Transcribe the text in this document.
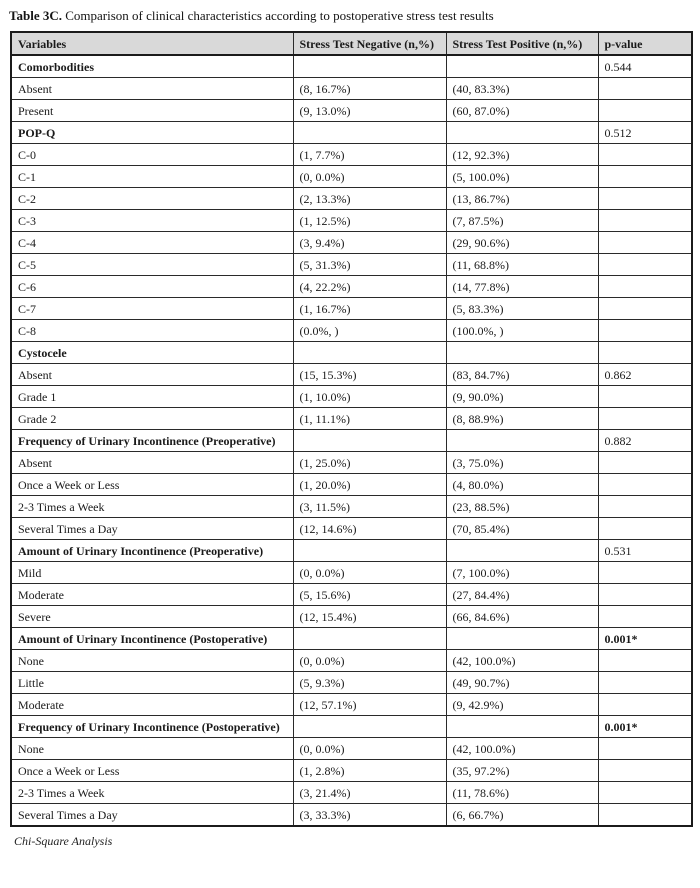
Table 3C. Comparison of clinical characteristics according to postoperative stress test results
Variables	Stress Test Negative (n,%)	Stress Test Positive (n,%)	p-value
Comorbodities			0.544
Absent	(8, 16.7%)	(40, 83.3%)	
Present	(9, 13.0%)	(60, 87.0%)	
POP-Q			0.512
C-0	(1, 7.7%)	(12, 92.3%)	
C-1	(0, 0.0%)	(5, 100.0%)	
C-2	(2, 13.3%)	(13, 86.7%)	
C-3	(1, 12.5%)	(7, 87.5%)	
C-4	(3, 9.4%)	(29, 90.6%)	
C-5	(5, 31.3%)	(11, 68.8%)	
C-6	(4, 22.2%)	(14, 77.8%)	
C-7	(1, 16.7%)	(5, 83.3%)	
C-8	(0.0%, )	(100.0%, )	
Cystocele			
Absent	(15, 15.3%)	(83, 84.7%)	0.862
Grade 1	(1, 10.0%)	(9, 90.0%)	
Grade 2	(1, 11.1%)	(8, 88.9%)	
Frequency of Urinary Incontinence (Preoperative)			0.882
Absent	(1, 25.0%)	(3, 75.0%)	
Once a Week or Less	(1, 20.0%)	(4, 80.0%)	
2-3 Times a Week	(3, 11.5%)	(23, 88.5%)	
Several Times a Day	(12, 14.6%)	(70, 85.4%)	
Amount of Urinary Incontinence (Preoperative)			0.531
Mild	(0, 0.0%)	(7, 100.0%)	
Moderate	(5, 15.6%)	(27, 84.4%)	
Severe	(12, 15.4%)	(66, 84.6%)	
Amount of Urinary Incontinence (Postoperative)			0.001*
None	(0, 0.0%)	(42, 100.0%)	
Little	(5, 9.3%)	(49, 90.7%)	
Moderate	(12, 57.1%)	(9, 42.9%)	
Frequency of Urinary Incontinence (Postoperative)			0.001*
None	(0, 0.0%)	(42, 100.0%)	
Once a Week or Less	(1, 2.8%)	(35, 97.2%)	
2-3 Times a Week	(3, 21.4%)	(11, 78.6%)	
Several Times a Day	(3, 33.3%)	(6, 66.7%)	
Chi-Square Analysis
